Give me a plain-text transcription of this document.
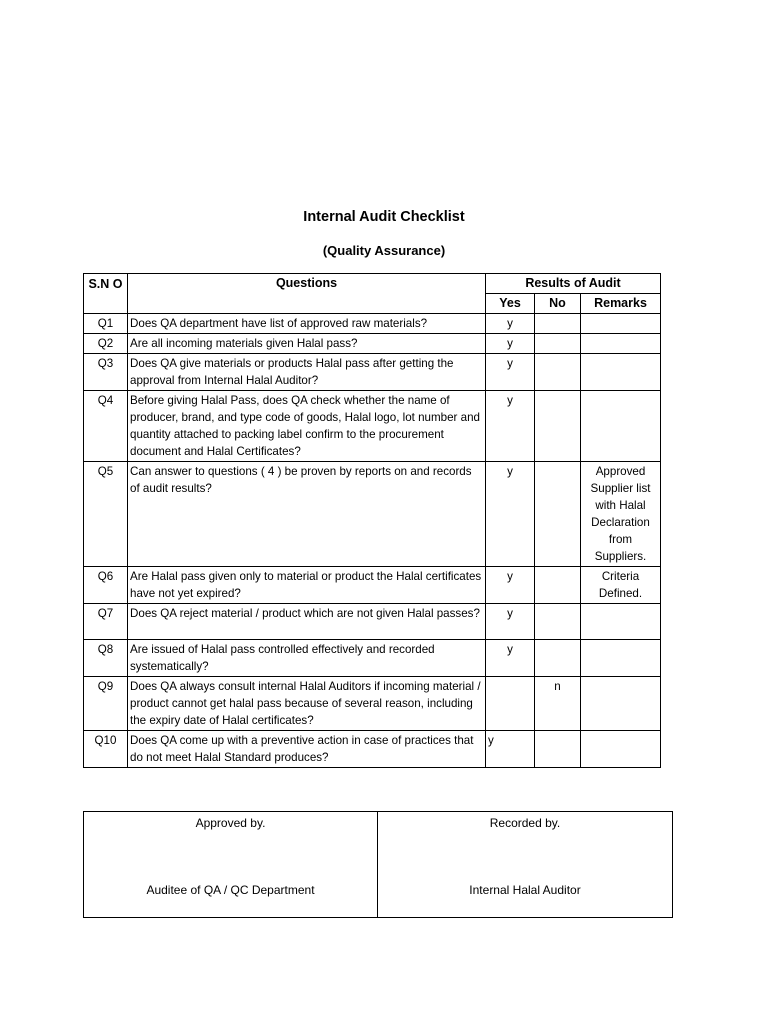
Internal Audit Checklist
(Quality Assurance)
S.N O	Questions	Results of Audit		
		Yes	No	Remarks
Q1	Does QA department have list of approved raw materials?	y		
Q2	Are all incoming materials given Halal pass?	y		
Q3	Does QA give materials or products Halal pass after getting the approval from Internal Halal Auditor?	y		
Q4	Before giving Halal Pass, does QA check whether the name of producer, brand, and type code of goods, Halal logo, lot number and quantity attached to packing label confirm to the procurement document and Halal Certificates?	y		
Q5	Can answer to questions ( 4 ) be proven by reports on and records of audit results?	y		Approved Supplier list with Halal Declaration from Suppliers.
Q6	Are Halal pass given only to material or product the Halal certificates have not yet expired?	y		Criteria Defined.
Q7	Does QA reject material / product which are not given Halal passes?	y		
Q8	Are issued of Halal pass controlled effectively and recorded systematically?	y		
Q9	Does QA always consult internal Halal Auditors if incoming material / product cannot get halal pass because of several reason, including the expiry date of Halal certificates?		n	
Q10	Does QA come up with a preventive action in case of practices that do not meet Halal Standard produces?	y		
Approved by.
Auditee of QA / QC Department

Recorded by.
Internal Halal Auditor
